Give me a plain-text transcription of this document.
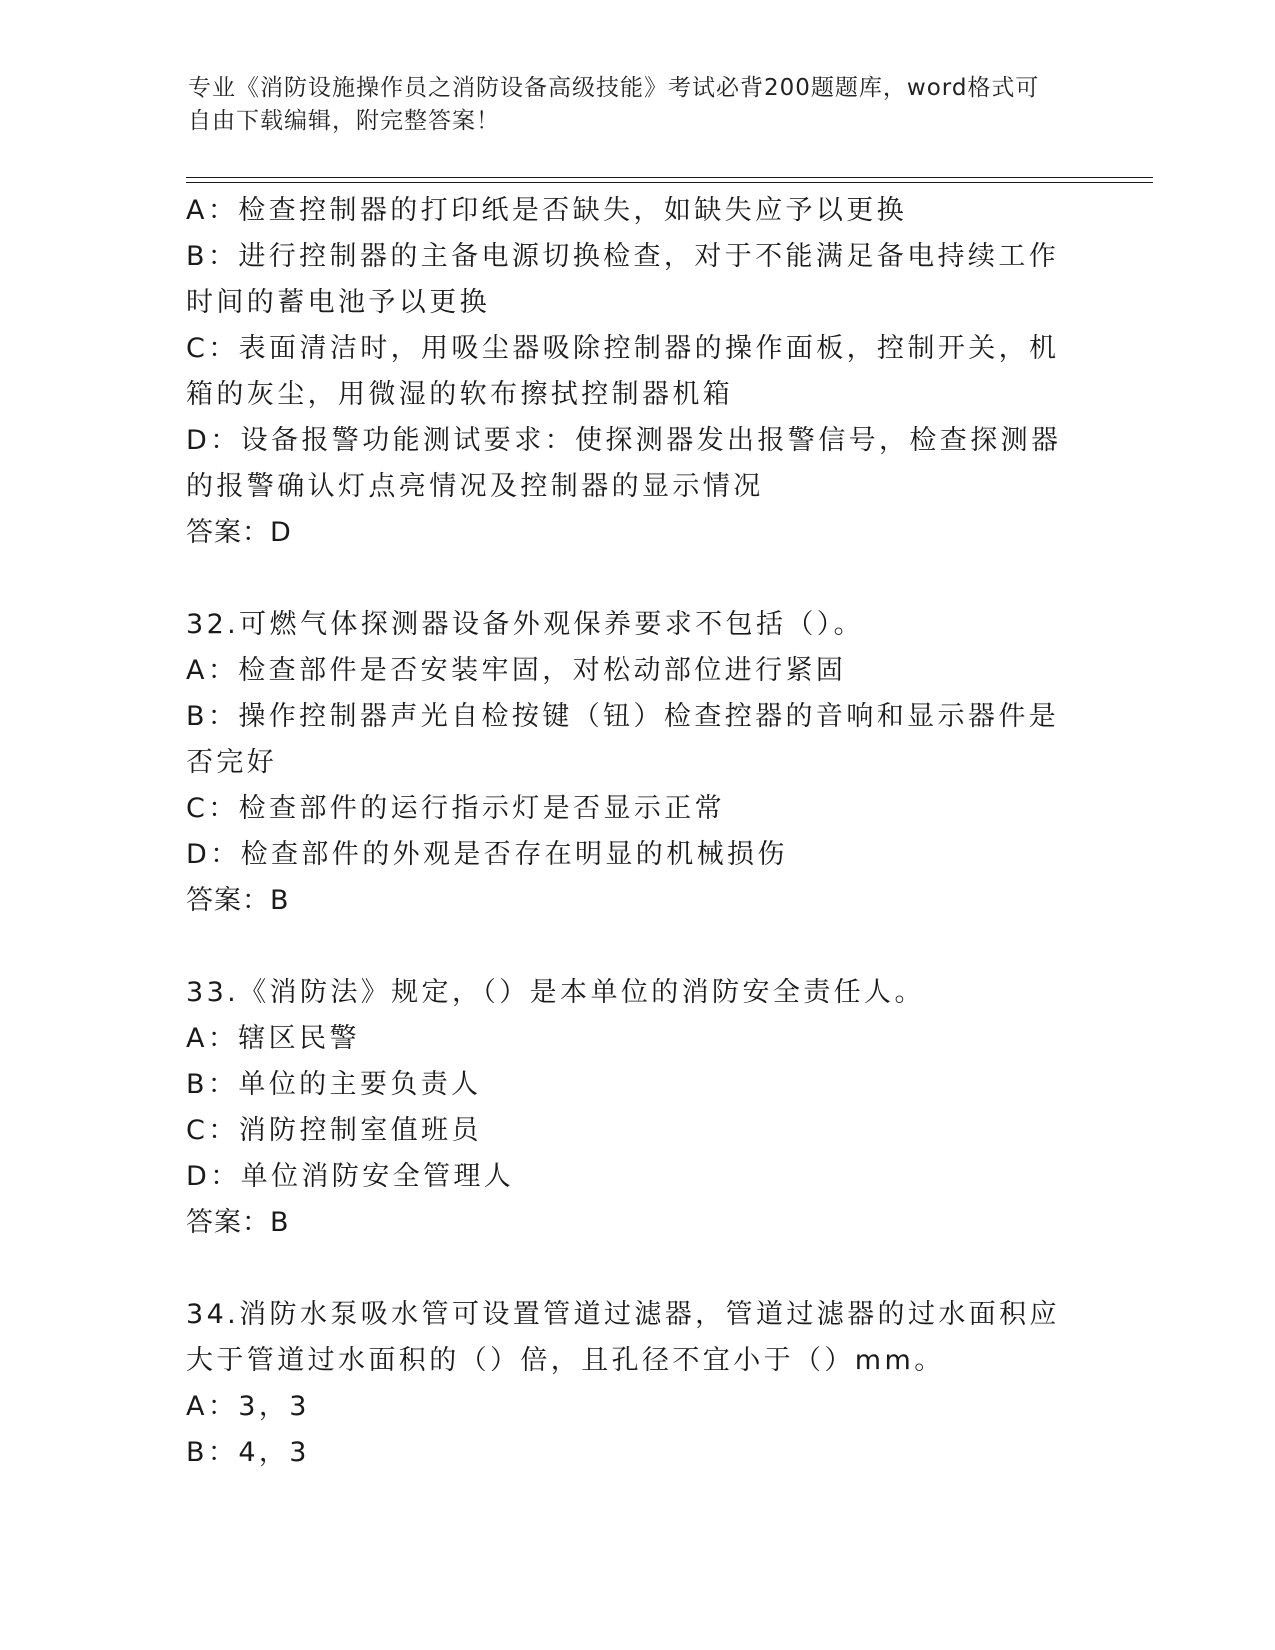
专业《消防设施操作员之消防设备高级技能》考试必背200题题库，word格式可
自由下载编辑，附完整答案！
A：检查控制器的打印纸是否缺失，如缺失应予以更换
B：进行控制器的主备电源切换检查，对于不能满足备电持续工作时间的蓄电池予以更换
C：表面清洁时，用吸尘器吸除控制器的操作面板，控制开关，机箱的灰尘，用微湿的软布擦拭控制器机箱
D：设备报警功能测试要求：使探测器发出报警信号，检查探测器的报警确认灯点亮情况及控制器的显示情况
答案：D
32.可燃气体探测器设备外观保养要求不包括（）。
A：检查部件是否安装牢固，对松动部位进行紧固
B：操作控制器声光自检按键（钮）检查控器的音响和显示器件是否完好
C：检查部件的运行指示灯是否显示正常
D：检查部件的外观是否存在明显的机械损伤
答案：B
33.《消防法》规定，（）是本单位的消防安全责任人。
A：辖区民警
B：单位的主要负责人
C：消防控制室值班员
D：单位消防安全管理人
答案：B
34.消防水泵吸水管可设置管道过滤器，管道过滤器的过水面积应大于管道过水面积的（）倍，且孔径不宜小于（）mm。
A：3，3
B：4，3
